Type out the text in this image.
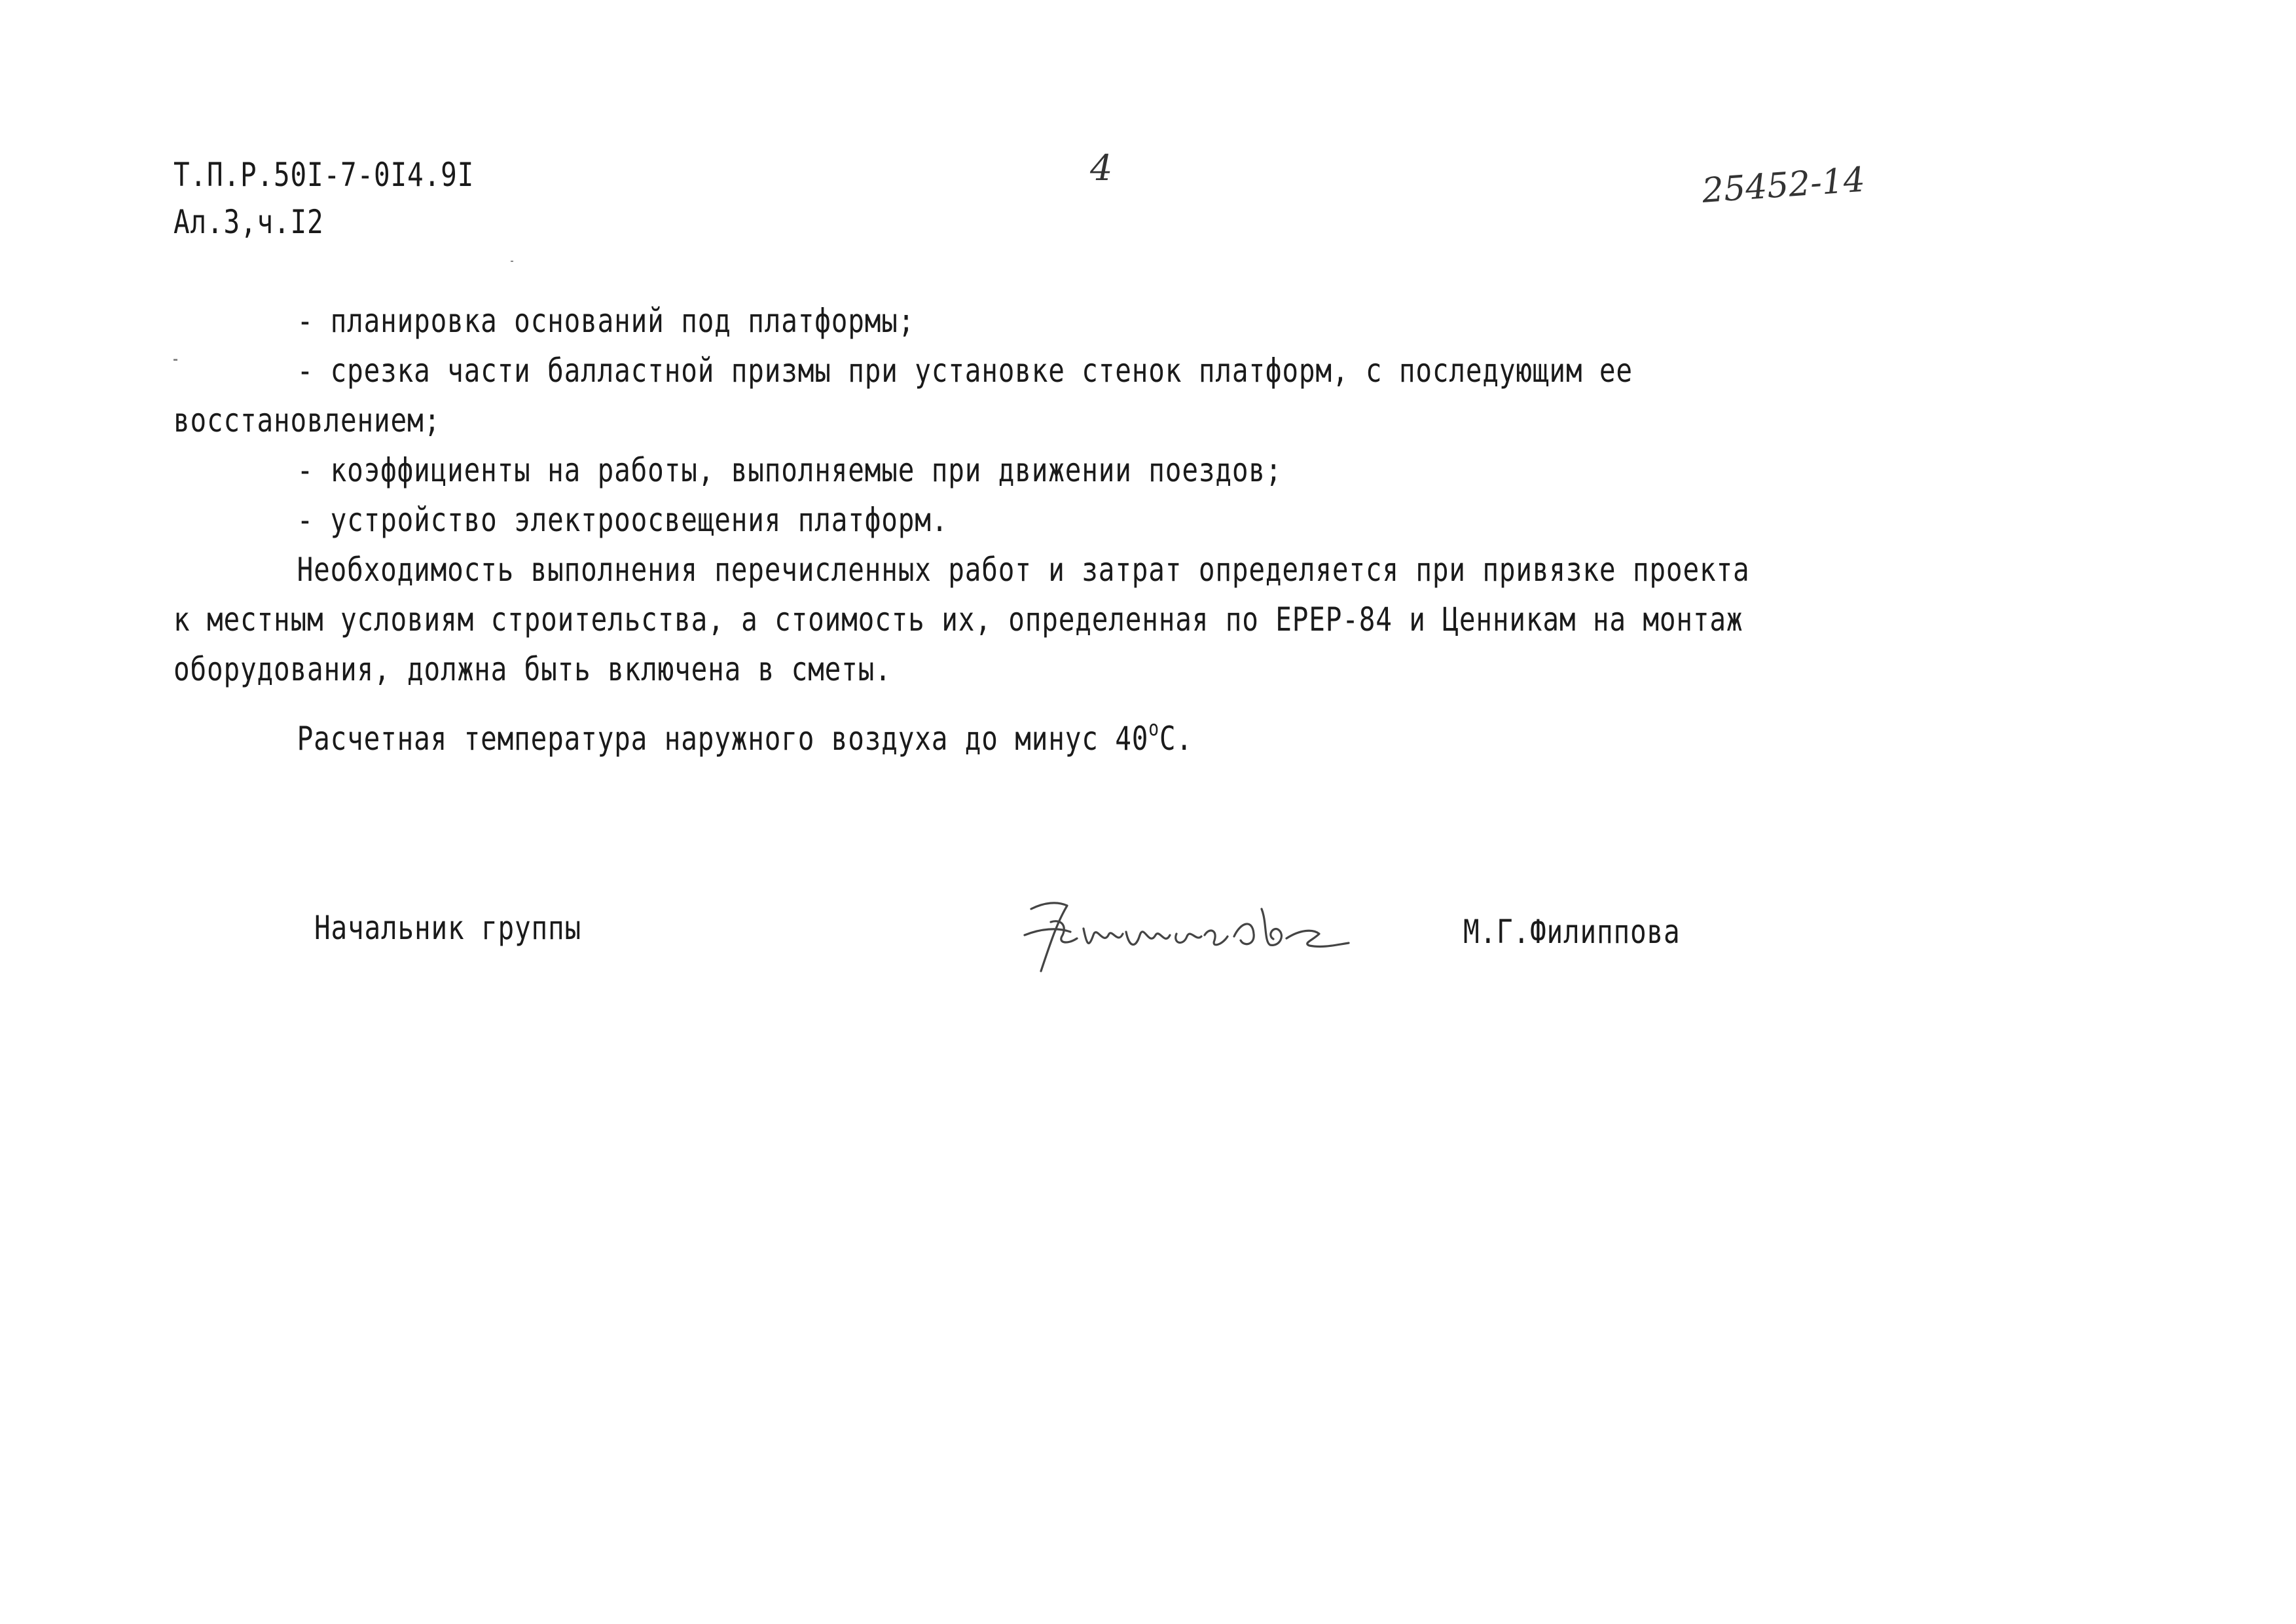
Т.П.Р.50I-7-0I4.9I
Ал.3,ч.I2
4	25452-14
- планировка оснований под платформы;
- срезка части балластной призмы при установке стенок платформ, с последующим ее
восстановлением;
- коэффициенты на работы, выполняемые при движении поездов;
- устройство электроосвещения платформ.
Необходимость выполнения перечисленных работ и затрат определяется при привязке проекта
к местным условиям строительства, а стоимость их, определенная по ЕРЕР-84 и Ценникам на монтаж
оборудования, должна быть включена в сметы.
Расчетная температура наружного воздуха до минус $40^оС$.
Начальник группы	М.Г.Филиппова
